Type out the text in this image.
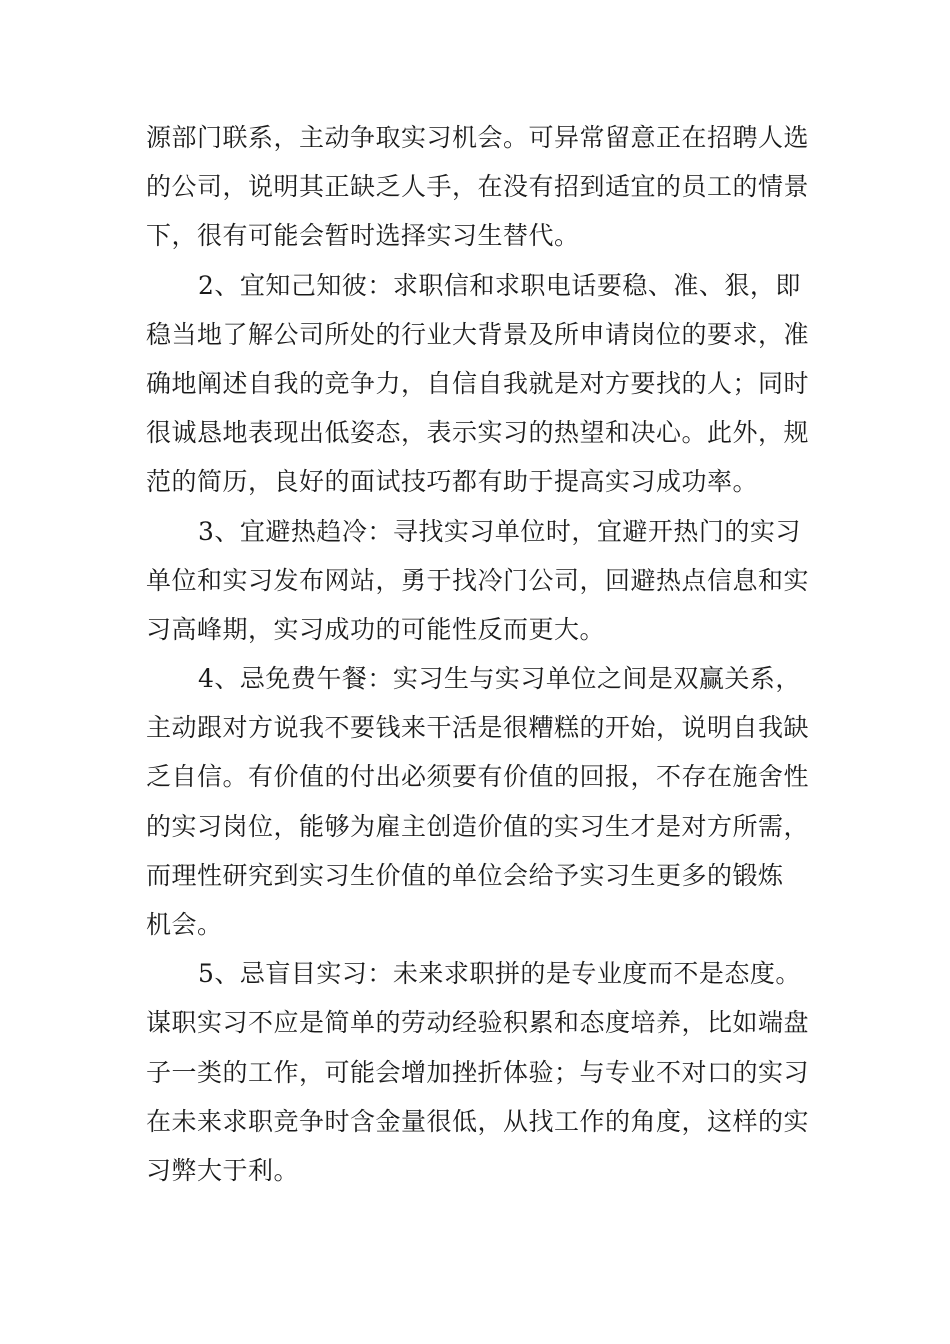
源部门联系，主动争取实习机会。可异常留意正在招聘人选
的公司，说明其正缺乏人手，在没有招到适宜的员工的情景
下，很有可能会暂时选择实习生替代。
2、宜知己知彼：求职信和求职电话要稳、准、狠，即
稳当地了解公司所处的行业大背景及所申请岗位的要求，准
确地阐述自我的竞争力，自信自我就是对方要找的人；同时
很诚恳地表现出低姿态，表示实习的热望和决心。此外，规
范的简历，良好的面试技巧都有助于提高实习成功率。
3、宜避热趋冷：寻找实习单位时，宜避开热门的实习
单位和实习发布网站，勇于找冷门公司，回避热点信息和实
习高峰期，实习成功的可能性反而更大。
4、忌免费午餐：实习生与实习单位之间是双赢关系，
主动跟对方说我不要钱来干活是很糟糕的开始，说明自我缺
乏自信。有价值的付出必须要有价值的回报，不存在施舍性
的实习岗位，能够为雇主创造价值的实习生才是对方所需，
而理性研究到实习生价值的单位会给予实习生更多的锻炼
机会。
5、忌盲目实习：未来求职拼的是专业度而不是态度。
谋职实习不应是简单的劳动经验积累和态度培养，比如端盘
子一类的工作，可能会增加挫折体验；与专业不对口的实习
在未来求职竞争时含金量很低，从找工作的角度，这样的实
习弊大于利。
